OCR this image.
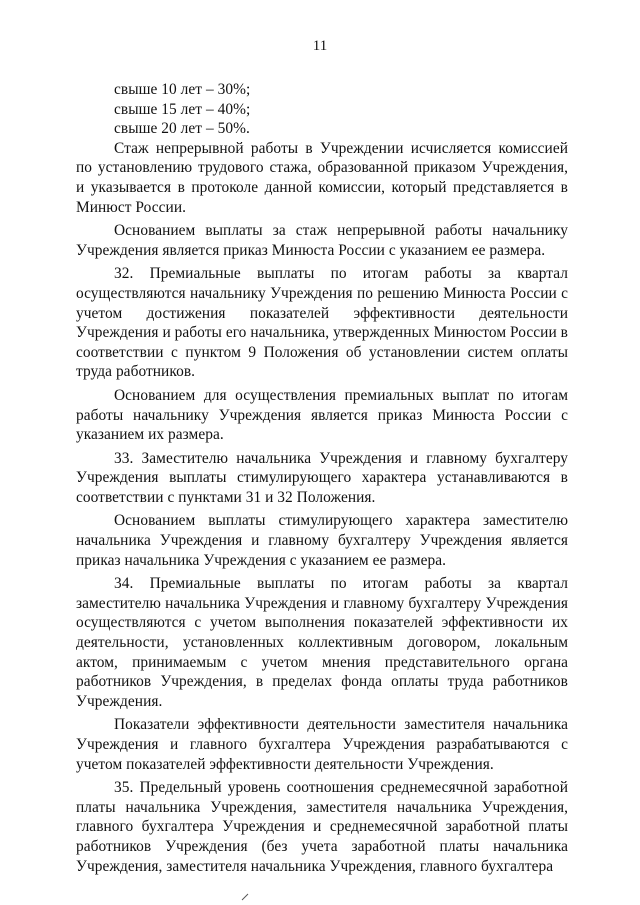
11
свыше 10 лет – 30%;
свыше 15 лет – 40%;
свыше 20 лет – 50%.

Стаж непрерывной работы в Учреждении исчисляется комиссией по установлению трудового стажа, образованной приказом Учреждения, и указывается в протоколе данной комиссии, который представляется в Минюст России.

Основанием выплаты за стаж непрерывной работы начальнику Учреждения является приказ Минюста России с указанием ее размера.

32. Премиальные выплаты по итогам работы за квартал осуществляются начальнику Учреждения по решению Минюста России с учетом достижения показателей эффективности деятельности Учреждения и работы его начальника, утвержденных Минюстом России в соответствии с пунктом 9 Положения об установлении систем оплаты труда работников.

Основанием для осуществления премиальных выплат по итогам работы начальнику Учреждения является приказ Минюста России с указанием их размера.

33. Заместителю начальника Учреждения и главному бухгалтеру Учреждения выплаты стимулирующего характера устанавливаются в соответствии с пунктами 31 и 32 Положения.

Основанием выплаты стимулирующего характера заместителю начальника Учреждения и главному бухгалтеру Учреждения является приказ начальника Учреждения с указанием ее размера.

34. Премиальные выплаты по итогам работы за квартал заместителю начальника Учреждения и главному бухгалтеру Учреждения осуществляются с учетом выполнения показателей эффективности их деятельности, установленных коллективным договором, локальным актом, принимаемым с учетом мнения представительного органа работников Учреждения, в пределах фонда оплаты труда работников Учреждения.

Показатели эффективности деятельности заместителя начальника Учреждения и главного бухгалтера Учреждения разрабатываются с учетом показателей эффективности деятельности Учреждения.

35. Предельный уровень соотношения среднемесячной заработной платы начальника Учреждения, заместителя начальника Учреждения, главного бухгалтера Учреждения и среднемесячной заработной платы работников Учреждения (без учета заработной платы начальника Учреждения, заместителя начальника Учреждения, главного бухгалтера
